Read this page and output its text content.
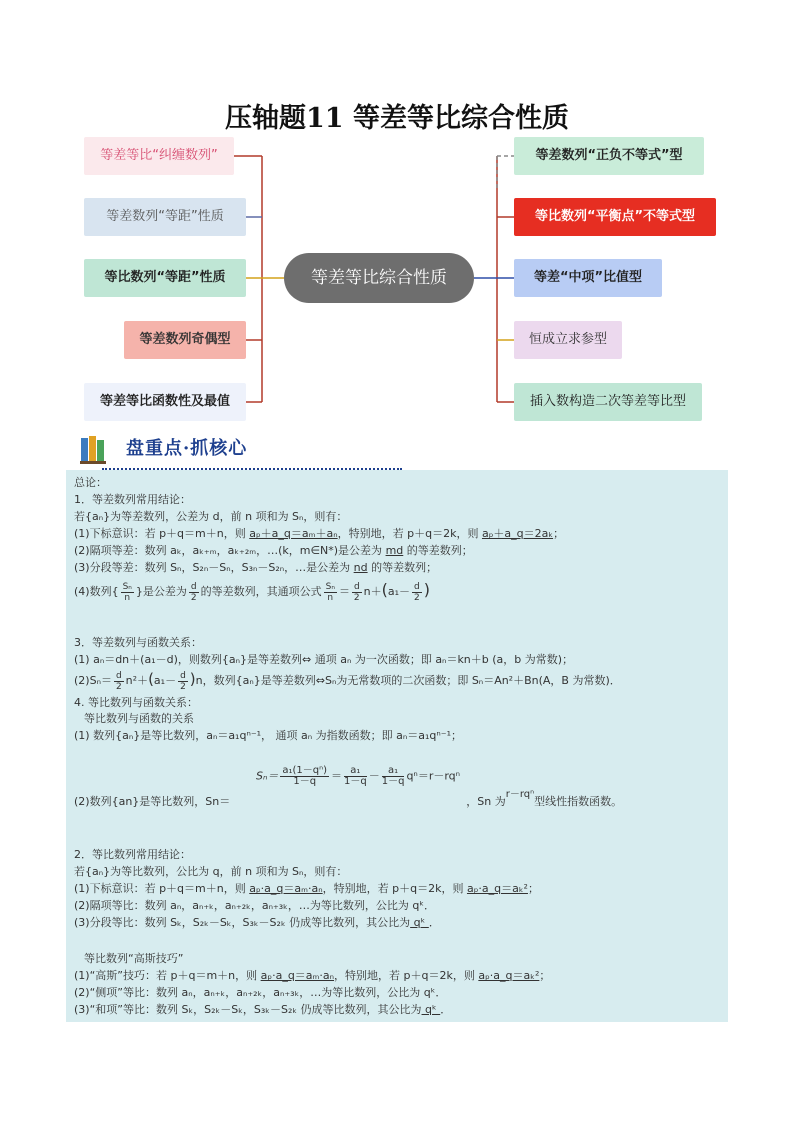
压轴题11 等差等比综合性质
等差等比综合性质
等差等比“纠缠数列”
等差数列“等距”性质
等比数列“等距”性质
等差数列奇偶型
等差等比函数性及最值
等差数列“正负不等式”型
等比数列“平衡点”不等式型
等差“中项”比值型
恒成立求参型
插入数构造二次等差等比型
盘重点·抓核心
总论：
1．等差数列常用结论：
若{aₙ}为等差数列，公差为 d，前 n 项和为 Sₙ，则有：
(1)下标意识：若 p＋q＝m＋n，则 aₚ＋a_q＝aₘ＋aₙ，特别地，若 p＋q＝2k，则 aₚ＋a_q＝2aₖ；
(2)隔项等差：数列 aₖ，aₖ₊ₘ，aₖ₊₂ₘ，…(k，m∈N*)是公差为 md 的等差数列；
(3)分段等差：数列 Sₙ，S₂ₙ－Sₙ，S₃ₙ－S₂ₙ，…是公差为 nd 的等差数列；
(4)数列{ $\frac{\text{Sₙ}}{n}$ }是公差为 $\frac{d}{2}$ 的等差数列，其通项公式 $\frac{\text{Sₙ}}{n} = \frac{d}{2} n+(a_1- \frac{d}{2}$ )
3．等差数列与函数关系：
(1) aₙ＝dn＋(a₁－d)，则数列{aₙ}是等差数列⇔ 通项 aₙ 为一次函数；即 aₙ＝kn＋b (a，b 为常数)；
$(2)S_n= \frac{d}{2} n^2+(a_1- \frac{d}{2} )n$，数列{aₙ}是等差数列⇔Sₙ为无常数项的二次函数；即 Sₙ＝An²＋Bn(A，B 为常数)．
4. 等比数列与函数关系：
等比数列与函数的关系
(1) 数列{aₙ}是等比数列，aₙ＝a₁qⁿ⁻¹， 通项 aₙ 为指数函数；即 aₙ＝a₁qⁿ⁻¹；
$S_n= \frac{\text{a₁(1－qⁿ)}}{1-q} = \frac{\text{a₁}}{1-q} - \frac{\text{a₁}}{1-q} q^n=r-rq^n$
(2)数列{an}是等比数列，Sn＝	，Sn 为r－rqⁿ型线性指数函数。
2．等比数列常用结论：
若{aₙ}为等比数列，公比为 q，前 n 项和为 Sₙ，则有：
(1)下标意识：若 p＋q＝m＋n，则 aₚ·a_q＝aₘ·aₙ，特别地，若 p＋q＝2k，则 aₚ·a_q＝aₖ²；
(2)隔项等比：数列 aₙ，aₙ₊ₖ，aₙ₊₂ₖ，aₙ₊₃ₖ，…为等比数列，公比为 qᵏ．
(3)分段等比：数列 Sₖ，S₂ₖ－Sₖ，S₃ₖ－S₂ₖ 仍成等比数列，其公比为 qᵏ ．
等比数列“高斯技巧”
(1)“高斯”技巧：若 p＋q＝m＋n，则 aₚ·a_q＝aₘ·aₙ，特别地，若 p＋q＝2k，则 aₚ·a_q＝aₖ²；
(2)“侧项”等比：数列 aₙ，aₙ₊ₖ，aₙ₊₂ₖ，aₙ₊₃ₖ，…为等比数列，公比为 qᵏ．
(3)“和项”等比：数列 Sₖ，S₂ₖ－Sₖ，S₃ₖ－S₂ₖ 仍成等比数列，其公比为 qᵏ ．
